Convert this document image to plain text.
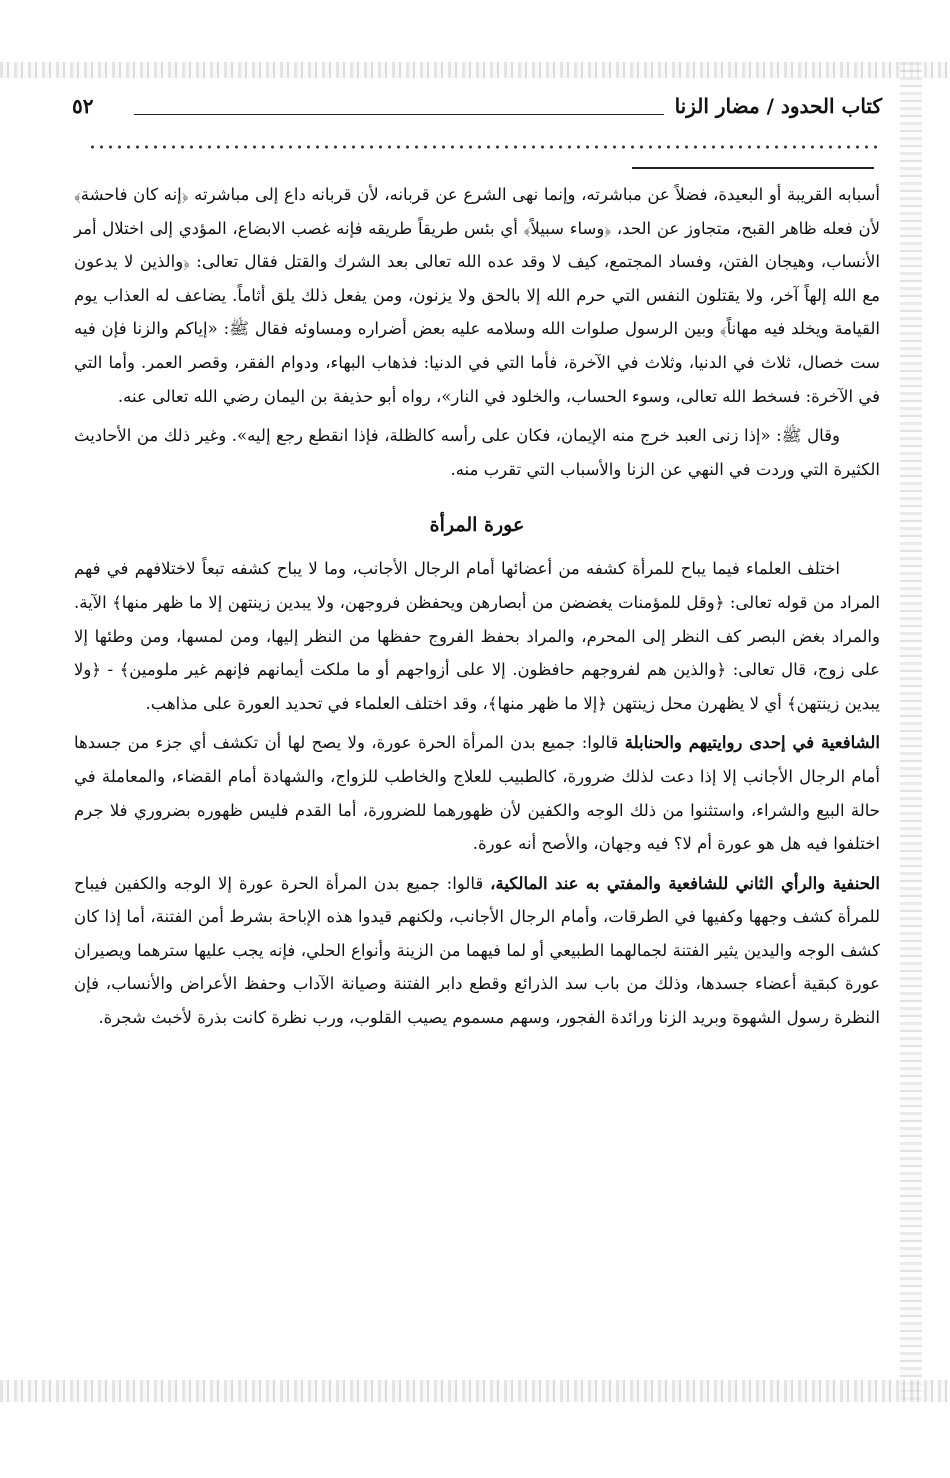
كتاب الحدود / مضار الزنا
٥٢

أسبابه القريبة أو البعيدة، فضلاً عن مباشرته، وإنما نهى الشرع عن قربانه، لأن قربانه داع إلى مباشرته ﴿إنه كان فاحشة﴾ لأن فعله ظاهر القبح، متجاوز عن الحد، ﴿وساء سبيلاً﴾ أي بئس طريقاً طريقه فإنه غصب الابضاع، المؤدي إلى اختلال أمر الأنساب، وهيجان الفتن، وفساد المجتمع، كيف لا وقد عده الله تعالى بعد الشرك والقتل فقال تعالى: ﴿والذين لا يدعون مع الله إلهاً آخر، ولا يقتلون النفس التي حرم الله إلا بالحق ولا يزنون، ومن يفعل ذلك يلق أثاماً. يضاعف له العذاب يوم القيامة ويخلد فيه مهاناً﴾ وبين الرسول صلوات الله وسلامه عليه بعض أضراره ومساوئه فقال ﷺ: «إياكم والزنا فإن فيه ست خصال، ثلاث في الدنيا، وثلاث في الآخرة، فأما التي في الدنيا: فذهاب البهاء، ودوام الفقر، وقصر العمر. وأما التي في الآخرة: فسخط الله تعالى، وسوء الحساب، والخلود في النار»، رواه أبو حذيفة بن اليمان رضي الله تعالى عنه.

وقال ﷺ: «إذا زنى العبد خرج منه الإيمان، فكان على رأسه كالظلة، فإذا انقطع رجع إليه». وغير ذلك من الأحاديث الكثيرة التي وردت في النهي عن الزنا والأسباب التي تقرب منه.

عورة المرأة

اختلف العلماء فيما يباح للمرأة كشفه من أعضائها أمام الرجال الأجانب، وما لا يباح كشفه تبعاً لاختلافهم في فهم المراد من قوله تعالى: ﴿وقل للمؤمنات يغضضن من أبصارهن ويحفظن فروجهن، ولا يبدين زينتهن إلا ما ظهر منها﴾ الآية. والمراد بغض البصر كف النظر إلى المحرم، والمراد بحفظ الفروج حفظها من النظر إليها، ومن لمسها، ومن وطئها إلا على زوج، قال تعالى: ﴿والذين هم لفروجهم حافظون. إلا على أزواجهم أو ما ملكت أيمانهم فإنهم غير ملومين﴾ - ﴿ولا يبدين زينتهن﴾ أي لا يظهرن محل زينتهن ﴿إلا ما ظهر منها﴾، وقد اختلف العلماء في تحديد العورة على مذاهب.

الشافعية في إحدى روايتيهم والحنابلة قالوا: جميع بدن المرأة الحرة عورة، ولا يصح لها أن تكشف أي جزء من جسدها أمام الرجال الأجانب إلا إذا دعت لذلك ضرورة، كالطبيب للعلاج والخاطب للزواج، والشهادة أمام القضاء، والمعاملة في حالة البيع والشراء، واستثنوا من ذلك الوجه والكفين لأن ظهورهما للضرورة، أما القدم فليس ظهوره بضروري فلا جرم اختلفوا فيه هل هو عورة أم لا؟ فيه وجهان، والأصح أنه عورة.

الحنفية والرأي الثاني للشافعية والمفتي به عند المالكية، قالوا: جميع بدن المرأة الحرة عورة إلا الوجه والكفين فيباح للمرأة كشف وجهها وكفيها في الطرقات، وأمام الرجال الأجانب، ولكنهم قيدوا هذه الإباحة بشرط أمن الفتنة، أما إذا كان كشف الوجه واليدين يثير الفتنة لجمالهما الطبيعي أو لما فيهما من الزينة وأنواع الحلي، فإنه يجب عليها سترهما ويصيران عورة كبقية أعضاء جسدها، وذلك من باب سد الذرائع وقطع دابر الفتنة وصيانة الآداب وحفظ الأعراض والأنساب، فإن النظرة رسول الشهوة وبريد الزنا ورائدة الفجور، وسهم مسموم يصيب القلوب، ورب نظرة كانت بذرة لأخبث شجرة.
